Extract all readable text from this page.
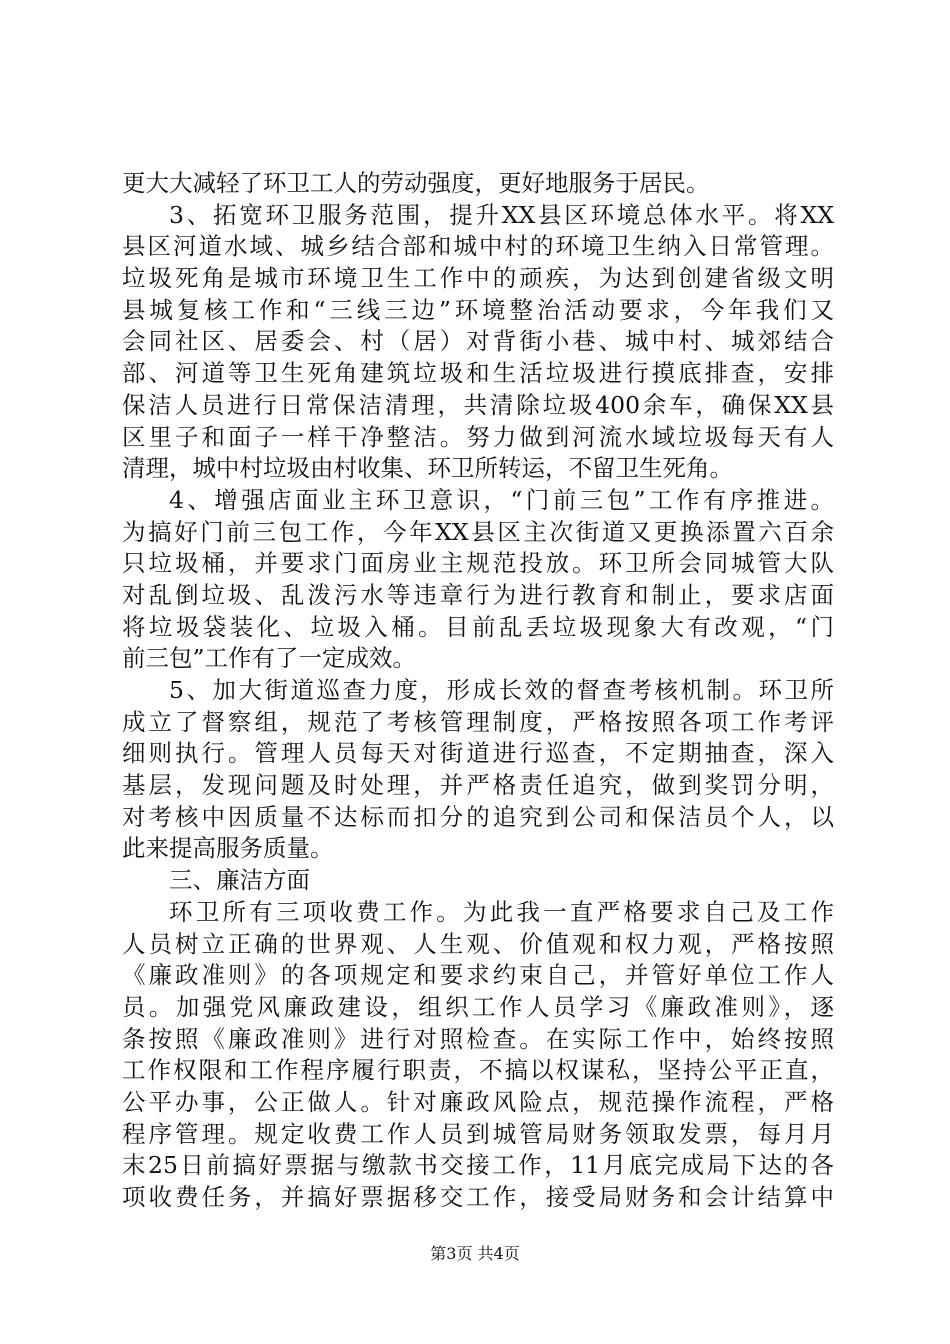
更大大减轻了环卫工人的劳动强度，更好地服务于居民。
3、拓宽环卫服务范围，提升XX县区环境总体水平。将XX
县区河道水域、城乡结合部和城中村的环境卫生纳入日常管理。
垃圾死角是城市环境卫生工作中的顽疾，为达到创建省级文明
县城复核工作和“三线三边”环境整治活动要求，今年我们又
会同社区、居委会、村（居）对背街小巷、城中村、城郊结合
部、河道等卫生死角建筑垃圾和生活垃圾进行摸底排查，安排
保洁人员进行日常保洁清理，共清除垃圾400余车，确保XX县
区里子和面子一样干净整洁。努力做到河流水域垃圾每天有人
清理，城中村垃圾由村收集、环卫所转运，不留卫生死角。
4、增强店面业主环卫意识，“门前三包”工作有序推进。
为搞好门前三包工作，今年XX县区主次街道又更换添置六百余
只垃圾桶，并要求门面房业主规范投放。环卫所会同城管大队
对乱倒垃圾、乱泼污水等违章行为进行教育和制止，要求店面
将垃圾袋装化、垃圾入桶。目前乱丢垃圾现象大有改观，“门
前三包”工作有了一定成效。
5、加大街道巡查力度，形成长效的督查考核机制。环卫所
成立了督察组，规范了考核管理制度，严格按照各项工作考评
细则执行。管理人员每天对街道进行巡查，不定期抽查，深入
基层，发现问题及时处理，并严格责任追究，做到奖罚分明，
对考核中因质量不达标而扣分的追究到公司和保洁员个人，以
此来提高服务质量。
三、廉洁方面
环卫所有三项收费工作。为此我一直严格要求自己及工作
人员树立正确的世界观、人生观、价值观和权力观，严格按照
《廉政准则》的各项规定和要求约束自己，并管好单位工作人
员。加强党风廉政建设，组织工作人员学习《廉政准则》，逐
条按照《廉政准则》进行对照检查。在实际工作中，始终按照
工作权限和工作程序履行职责，不搞以权谋私，坚持公平正直，
公平办事，公正做人。针对廉政风险点，规范操作流程，严格
程序管理。规定收费工作人员到城管局财务领取发票，每月月
末25日前搞好票据与缴款书交接工作，11月底完成局下达的各
项收费任务，并搞好票据移交工作，接受局财务和会计结算中
第3页 共4页
